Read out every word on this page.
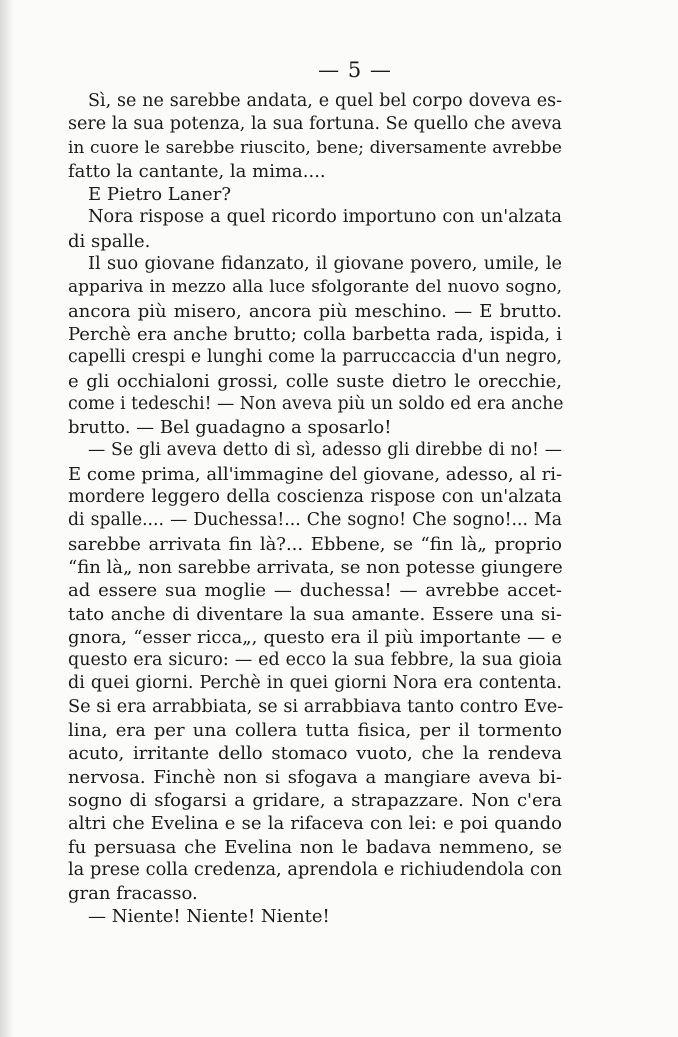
— 5 —
Sì, se ne sarebbe andata, e quel bel corpo doveva es-
sere la sua potenza, la sua fortuna. Se quello che aveva
in cuore le sarebbe riuscito, bene; diversamente avrebbe
fatto la cantante, la mima....
E Pietro Laner?
Nora rispose a quel ricordo importuno con un'alzata
di spalle.
Il suo giovane fidanzato, il giovane povero, umile, le
appariva in mezzo alla luce sfolgorante del nuovo sogno,
ancora più misero, ancora più meschino. — E brutto.
Perchè era anche brutto; colla barbetta rada, ispida, i
capelli crespi e lunghi come la parruccaccia d'un negro,
e gli occhialoni grossi, colle suste dietro le orecchie,
come i tedeschi! — Non aveva più un soldo ed era anche
brutto. — Bel guadagno a sposarlo!
— Se gli aveva detto di sì, adesso gli direbbe di no! —
E come prima, all'immagine del giovane, adesso, al ri-
mordere leggero della coscienza rispose con un'alzata
di spalle.... — Duchessa!... Che sogno! Che sogno!... Ma
sarebbe arrivata fin là?... Ebbene, se “fin là„ proprio
“fin là„ non sarebbe arrivata, se non potesse giungere
ad essere sua moglie — duchessa! — avrebbe accet-
tato anche di diventare la sua amante. Essere una si-
gnora, “esser ricca„, questo era il più importante — e
questo era sicuro: — ed ecco la sua febbre, la sua gioia
di quei giorni. Perchè in quei giorni Nora era contenta.
Se si era arrabbiata, se si arrabbiava tanto contro Eve-
lina, era per una collera tutta fisica, per il tormento
acuto, irritante dello stomaco vuoto, che la rendeva
nervosa. Finchè non si sfogava a mangiare aveva bi-
sogno di sfogarsi a gridare, a strapazzare. Non c'era
altri che Evelina e se la rifaceva con lei: e poi quando
fu persuasa che Evelina non le badava nemmeno, se
la prese colla credenza, aprendola e richiudendola con
gran fracasso.
— Niente! Niente! Niente!
